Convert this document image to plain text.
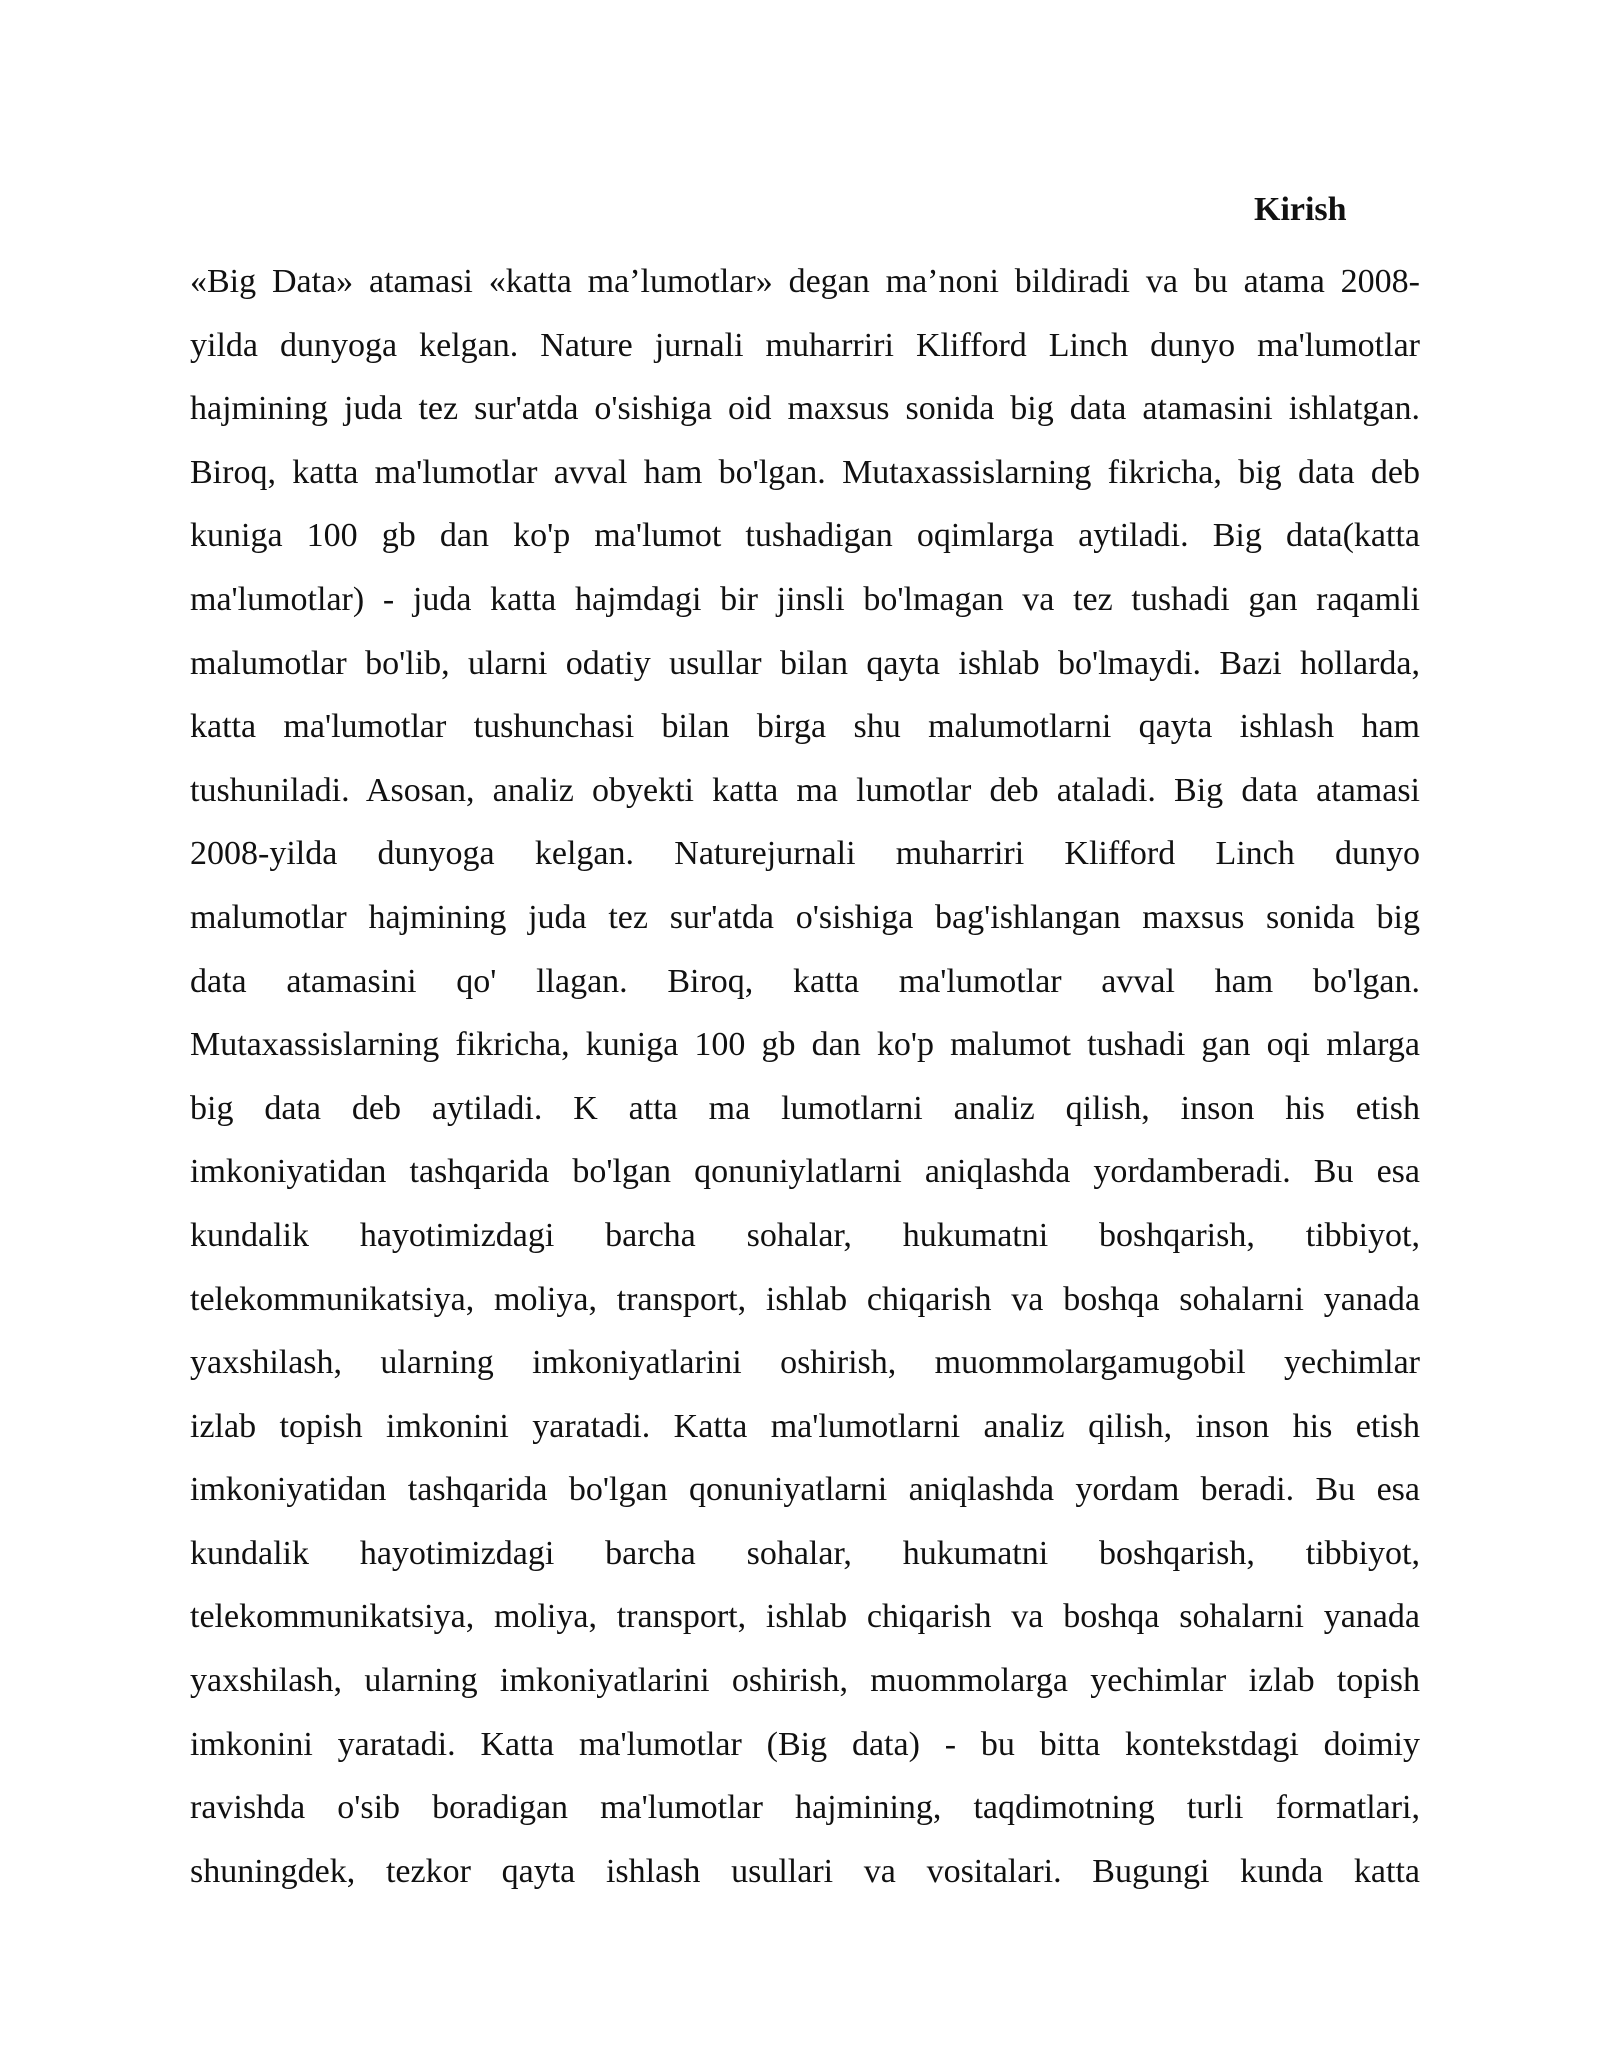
Kirish
«Big Data» atamasi «katta ma’lumotlar» degan ma’noni bildiradi va bu atama 2008-
yilda dunyoga kelgan. Nature jurnali muharriri Klifford Linch dunyo ma'lumotlar
hajmining juda tez sur'atda o'sishiga oid maxsus sonida big data atamasini ishlatgan.
Biroq, katta ma'lumotlar avval ham bo'lgan. Mutaxassislarning fikricha, big data deb
kuniga 100 gb dan ko'p ma'lumot tushadigan oqimlarga aytiladi. Big data(katta
ma'lumotlar) - juda katta hajmdagi bir jinsli bo'lmagan va tez tushadi gan raqamli
malumotlar bo'lib, ularni odatiy usullar bilan qayta ishlab bo'lmaydi. Bazi hollarda,
katta ma'lumotlar tushunchasi bilan birga shu malumotlarni qayta ishlash ham
tushuniladi. Asosan, analiz obyekti katta ma lumotlar deb ataladi. Big data atamasi
2008-yilda dunyoga kelgan. Naturejurnali muharriri Klifford Linch dunyo
malumotlar hajmining juda tez sur'atda o'sishiga bag'ishlangan maxsus sonida big
data atamasini qo' llagan. Biroq, katta ma'lumotlar avval ham bo'lgan.
Mutaxassislarning fikricha, kuniga 100 gb dan ko'p malumot tushadi gan oqi mlarga
big data deb aytiladi. K atta ma lumotlarni analiz qilish, inson his etish
imkoniyatidan tashqarida bo'lgan qonuniylatlarni aniqlashda yordamberadi. Bu esa
kundalik hayotimizdagi barcha sohalar, hukumatni boshqarish, tibbiyot,
telekommunikatsiya, moliya, transport, ishlab chiqarish va boshqa sohalarni yanada
yaxshilash, ularning imkoniyatlarini oshirish, muommolargamugobil yechimlar
izlab topish imkonini yaratadi. Katta ma'lumotlarni analiz qilish, inson his etish
imkoniyatidan tashqarida bo'lgan qonuniyatlarni aniqlashda yordam beradi. Bu esa
kundalik hayotimizdagi barcha sohalar, hukumatni boshqarish, tibbiyot,
telekommunikatsiya, moliya, transport, ishlab chiqarish va boshqa sohalarni yanada
yaxshilash, ularning imkoniyatlarini oshirish, muommolarga yechimlar izlab topish
imkonini yaratadi. Katta ma'lumotlar (Big data) - bu bitta kontekstdagi doimiy
ravishda o'sib boradigan ma'lumotlar hajmining, taqdimotning turli formatlari,
shuningdek, tezkor qayta ishlash usullari va vositalari. Bugungi kunda katta
